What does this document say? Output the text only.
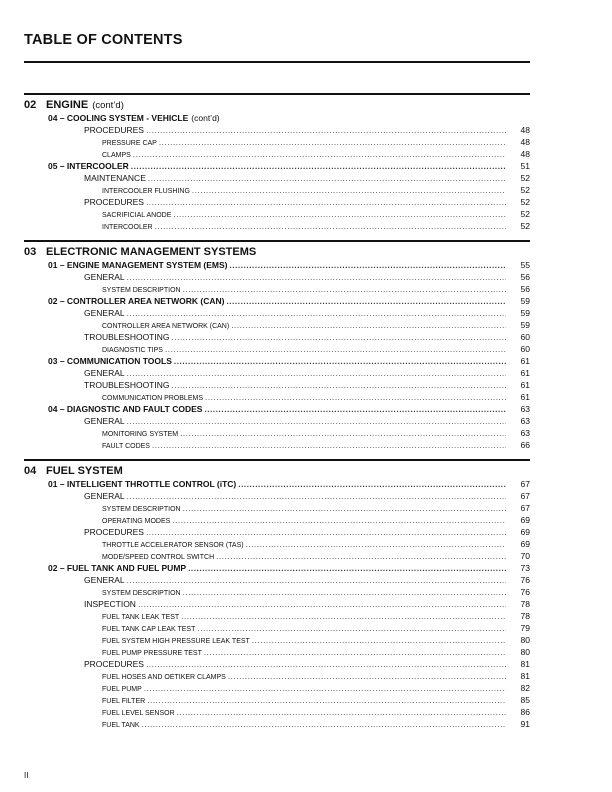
TABLE OF CONTENTS
02 ENGINE (cont’d)
04 – COOLING SYSTEM - VEHICLE (cont’d)
PROCEDURES .....	48
PRESSURE CAP .....	48
CLAMPS .....	48
05 – INTERCOOLER .....	51
MAINTENANCE .....	52
INTERCOOLER FLUSHING .....	52
PROCEDURES .....	52
SACRIFICIAL ANODE .....	52
INTERCOOLER .....	52
03 ELECTRONIC MANAGEMENT SYSTEMS
01 – ENGINE MANAGEMENT SYSTEM (EMS) .....	55
GENERAL .....	56
SYSTEM DESCRIPTION .....	56
02 – CONTROLLER AREA NETWORK (CAN) .....	59
GENERAL .....	59
CONTROLLER AREA NETWORK (CAN) .....	59
TROUBLESHOOTING .....	60
DIAGNOSTIC TIPS .....	60
03 – COMMUNICATION TOOLS .....	61
GENERAL .....	61
TROUBLESHOOTING .....	61
COMMUNICATION PROBLEMS .....	61
04 – DIAGNOSTIC AND FAULT CODES .....	63
GENERAL .....	63
MONITORING SYSTEM .....	63
FAULT CODES .....	66
04 FUEL SYSTEM
01 – INTELLIGENT THROTTLE CONTROL (iTC) .....	67
GENERAL .....	67
SYSTEM DESCRIPTION .....	67
OPERATING MODES .....	69
PROCEDURES .....	69
THROTTLE ACCELERATOR SENSOR (TAS) .....	69
MODE/SPEED CONTROL SWITCH .....	70
02 – FUEL TANK AND FUEL PUMP .....	73
GENERAL .....	76
SYSTEM DESCRIPTION .....	76
INSPECTION .....	78
FUEL TANK LEAK TEST .....	78
FUEL TANK CAP LEAK TEST .....	79
FUEL SYSTEM HIGH PRESSURE LEAK TEST .....	80
FUEL PUMP PRESSURE TEST .....	80
PROCEDURES .....	81
FUEL HOSES AND OETIKER CLAMPS .....	81
FUEL PUMP .....	82
FUEL FILTER .....	85
FUEL LEVEL SENSOR .....	86
FUEL TANK .....	91
II
